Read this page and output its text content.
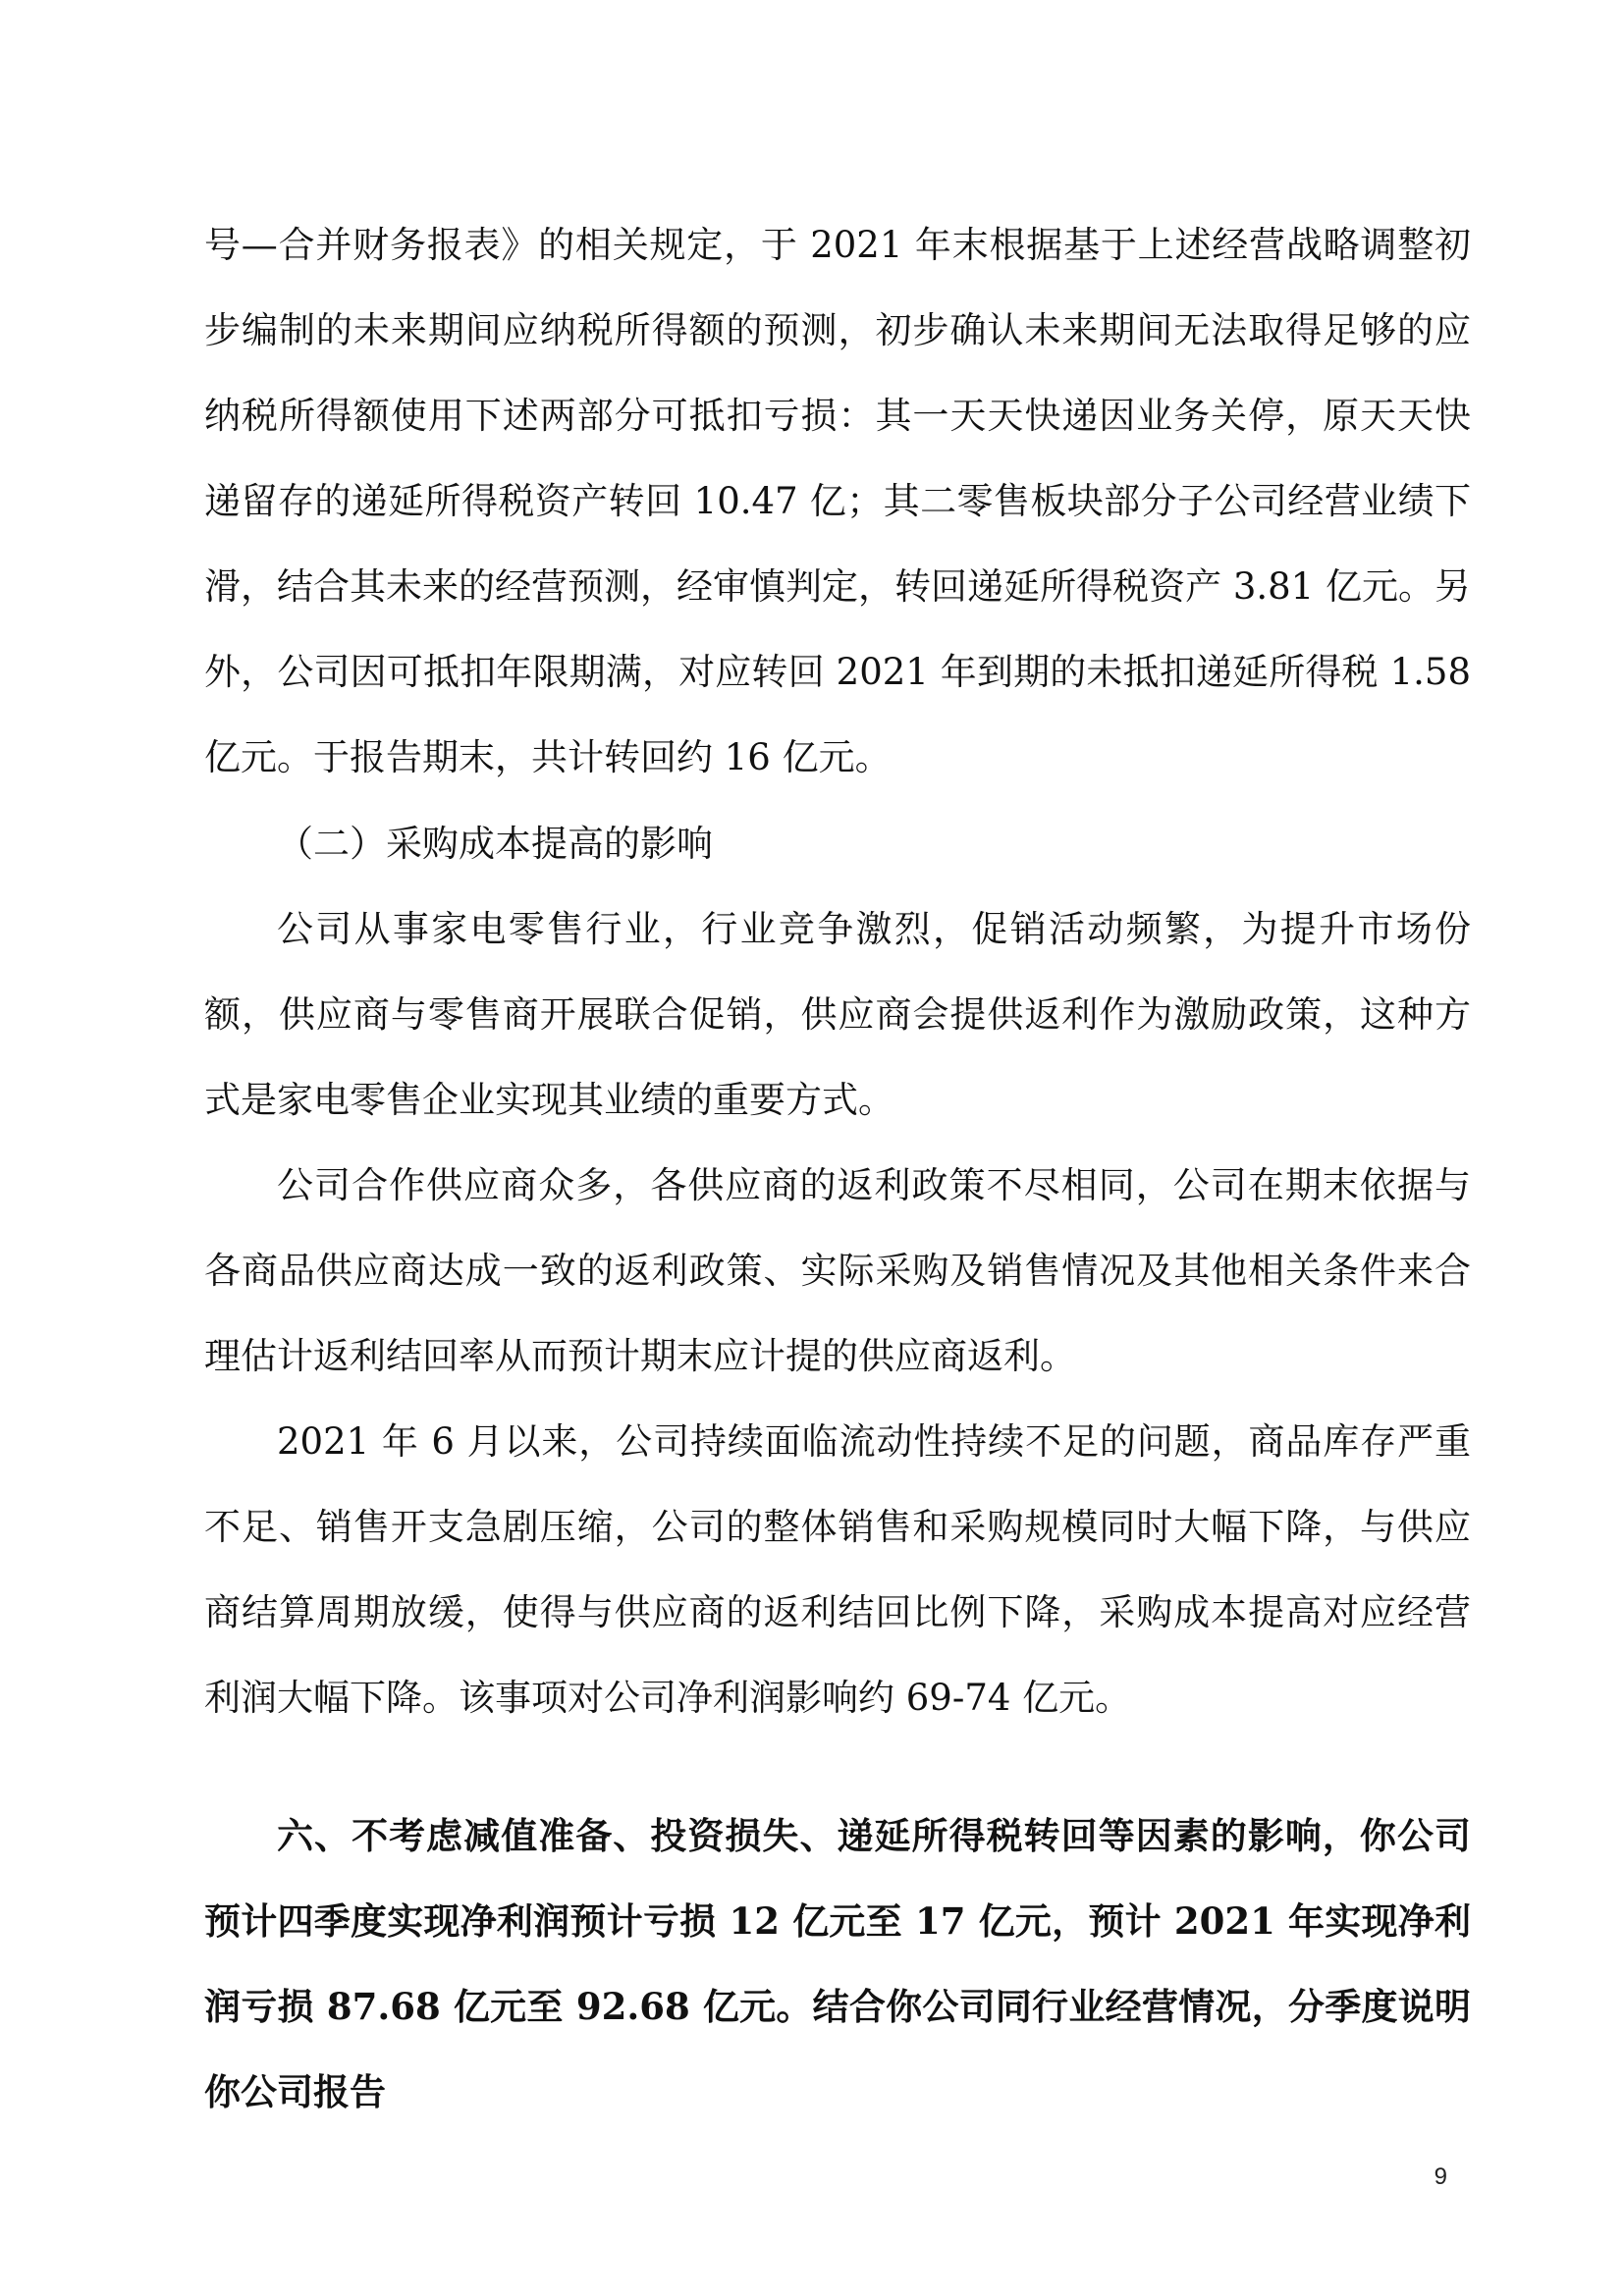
号—合并财务报表》的相关规定，于 2021 年末根据基于上述经营战略调整初步编制的未来期间应纳税所得额的预测，初步确认未来期间无法取得足够的应纳税所得额使用下述两部分可抵扣亏损：其一天天快递因业务关停，原天天快递留存的递延所得税资产转回 10.47 亿；其二零售板块部分子公司经营业绩下滑，结合其未来的经营预测，经审慎判定，转回递延所得税资产 3.81 亿元。另外，公司因可抵扣年限期满，对应转回 2021 年到期的未抵扣递延所得税 1.58 亿元。于报告期末，共计转回约 16 亿元。

（二）采购成本提高的影响

公司从事家电零售行业，行业竞争激烈，促销活动频繁，为提升市场份额，供应商与零售商开展联合促销，供应商会提供返利作为激励政策，这种方式是家电零售企业实现其业绩的重要方式。

公司合作供应商众多，各供应商的返利政策不尽相同，公司在期末依据与各商品供应商达成一致的返利政策、实际采购及销售情况及其他相关条件来合理估计返利结回率从而预计期末应计提的供应商返利。

2021 年 6 月以来，公司持续面临流动性持续不足的问题，商品库存严重不足、销售开支急剧压缩，公司的整体销售和采购规模同时大幅下降，与供应商结算周期放缓，使得与供应商的返利结回比例下降，采购成本提高对应经营利润大幅下降。该事项对公司净利润影响约 69-74 亿元。

六、不考虑减值准备、投资损失、递延所得税转回等因素的影响，你公司预计四季度实现净利润预计亏损 12 亿元至 17 亿元，预计 2021 年实现净利润亏损 87.68 亿元至 92.68 亿元。结合你公司同行业经营情况，分季度说明你公司报告

9
